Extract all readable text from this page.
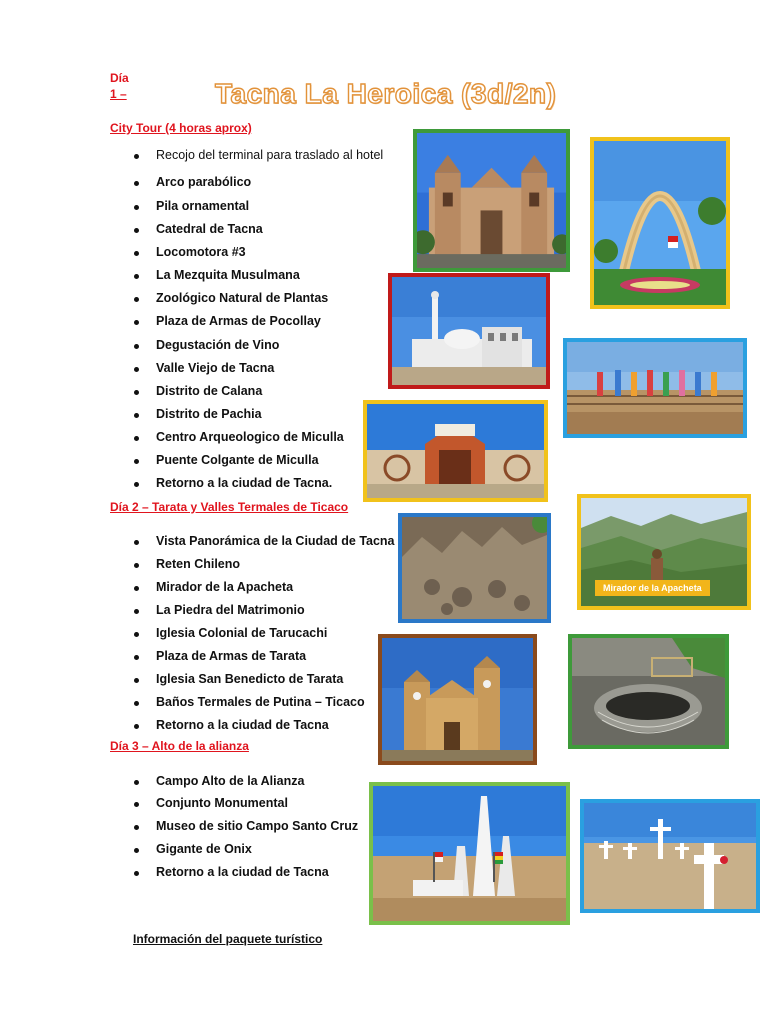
Día
1 –	Tacna La Heroica (3d/2n)
City Tour (4 horas aprox)
Recojo del terminal para traslado al hotel
Arco parabólico
Pila ornamental
Catedral de Tacna
Locomotora #3
La Mezquita Musulmana
Zoológico Natural de Plantas
Plaza de Armas de Pocollay
Degustación de Vino
Valle Viejo de Tacna
Distrito de Calana
Distrito de Pachia
Centro Arqueologico de Miculla
Puente Colgante de Miculla
Retorno a la ciudad de Tacna.
Día 2 – Tarata y Valles Termales de Ticaco
Vista Panorámica de la Ciudad de Tacna
Reten Chileno
Mirador de la Apacheta
La Piedra del Matrimonio
Iglesia Colonial de Tarucachi
Plaza de Armas de Tarata
Iglesia San Benedicto de Tarata
Baños Termales de Putina – Ticaco
Retorno a la ciudad de Tacna
Día 3 – Alto de la alianza
Campo Alto de la Alianza
Conjunto Monumental
Museo de sitio Campo Santo Cruz
Gigante de Onix
Retorno a la ciudad de Tacna
Información del paquete turístico
Mirador de la Apacheta
